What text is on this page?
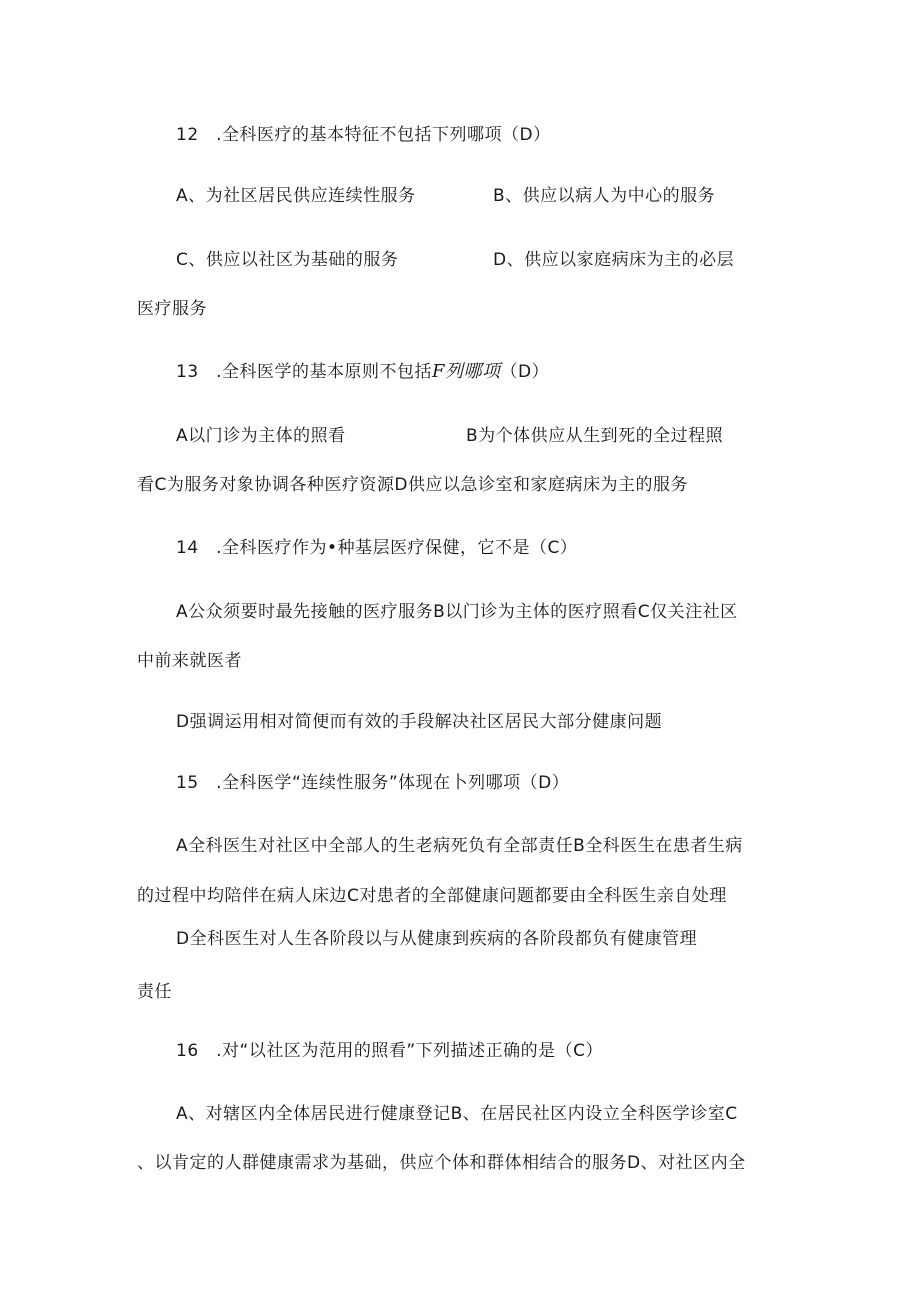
12　.全科医疗的基本特征不包括下列哪项（D）
A、为社区居民供应连续性服务	B、供应以病人为中心的服务
C、供应以社区为基础的服务	D、供应以家庭病床为主的必层
医疗服务
13　.全科医学的基本原则不包括F列哪项（D）
A以门诊为主体的照看	B为个体供应从生到死的全过程照
看C为服务对象协调各种医疗资源D供应以急诊室和家庭病床为主的服务
14　.全科医疗作为•种基层医疗保健，它不是（C）
A公众须要时最先接触的医疗服务B以门诊为主体的医疗照看C仅关注社区
中前来就医者
D强调运用相对简便而有效的手段解决社区居民大部分健康问题
15　.全科医学“连续性服务”体现在卜列哪项（D）
A全科医生对社区中全部人的生老病死负有全部责任B全科医生在患者生病
的过程中均陪伴在病人床边C对患者的全部健康问题都要由全科医生亲自处理
D全科医生对人生各阶段以与从健康到疾病的各阶段都负有健康管理
责任
16　.对“以社区为范用的照看”下列描述正确的是（C）
A、对辖区内全体居民进行健康登记B、在居民社区内设立全科医学诊室C
、以肯定的人群健康需求为基础，供应个体和群体相结合的服务D、对社区内全
